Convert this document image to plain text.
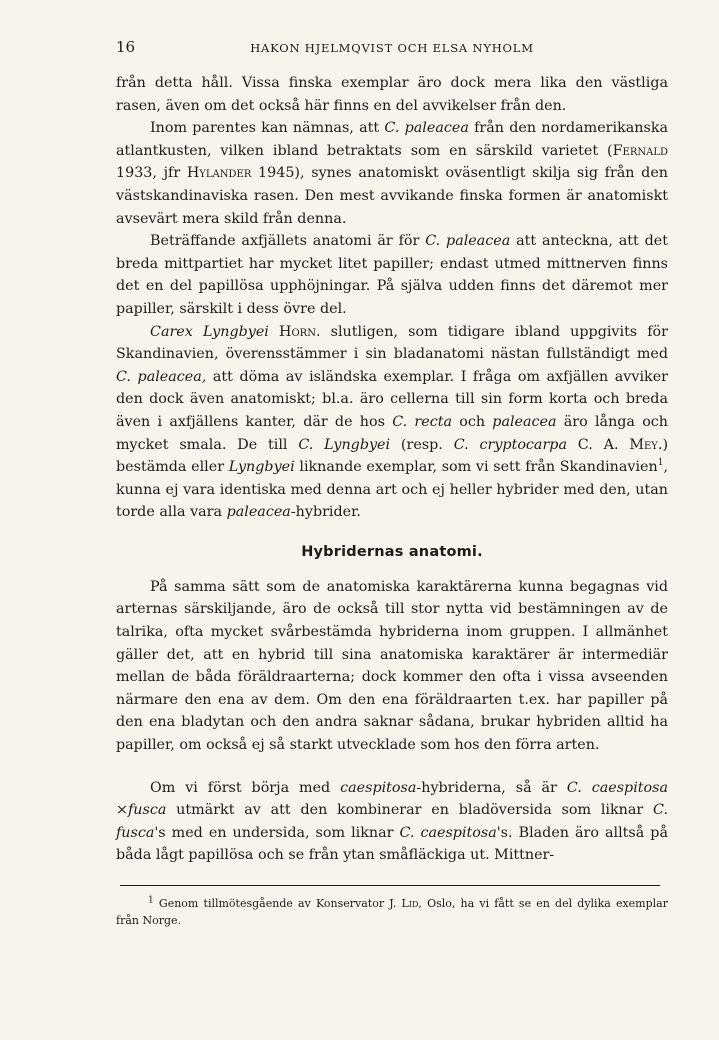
16	HAKON HJELMQVIST OCH ELSA NYHOLM

från detta håll. Vissa finska exemplar äro dock mera lika den västliga rasen, även om det också här finns en del avvikelser från den.

Inom parentes kan nämnas, att C. paleacea från den nordamerikanska atlantkusten, vilken ibland betraktats som en särskild varietet (Fernald 1933, jfr Hylander 1945), synes anatomiskt oväsentligt skilja sig från den västskandinaviska rasen. Den mest avvikande finska formen är anatomiskt avsevärt mera skild från denna.

Beträffande axfjällets anatomi är för C. paleacea att anteckna, att det breda mittpartiet har mycket litet papiller; endast utmed mittnerven finns det en del papillösa upphöjningar. På själva udden finns det däremot mer papiller, särskilt i dess övre del.

Carex Lyngbyei Horn. slutligen, som tidigare ibland uppgivits för Skandinavien, överensstämmer i sin bladanatomi nästan fullständigt med C. paleacea, att döma av isländska exemplar. I fråga om axfjällen avviker den dock även anatomiskt; bl.a. äro cellerna till sin form korta och breda även i axfjällens kanter, där de hos C. recta och paleacea äro långa och mycket smala. De till C. Lyngbyei (resp. C. cryptocarpa C. A. Mey.) bestämda eller Lyngbyei liknande exemplar, som vi sett från Skandinavien$^1$, kunna ej vara identiska med denna art och ej heller hybrider med den, utan torde alla vara paleacea-hybrider.

Hybridernas anatomi.

På samma sätt som de anatomiska karaktärerna kunna begagnas vid arternas särskiljande, äro de också till stor nytta vid bestämningen av de talrika, ofta mycket svårbestämda hybriderna inom gruppen. I allmänhet gäller det, att en hybrid till sina anatomiska karaktärer är intermediär mellan de båda föräldraarterna; dock kommer den ofta i vissa avseenden närmare den ena av dem. Om den ena föräldraarten t.ex. har papiller på den ena bladytan och den andra saknar sådana, brukar hybriden alltid ha papiller, om också ej så starkt utvecklade som hos den förra arten.

Om vi först börja med caespitosa-hybriderna, så är C. caespitosa ×fusca utmärkt av att den kombinerar en bladöversida som liknar C. fusca's med en undersida, som liknar C. caespitosa's. Bladen äro alltså på båda lågt papillösa och se från ytan småfläckiga ut. Mittner-

$^1$ Genom tillmötesgående av Konservator J. Lid, Oslo, ha vi fått se en del dylika exemplar från Norge.
